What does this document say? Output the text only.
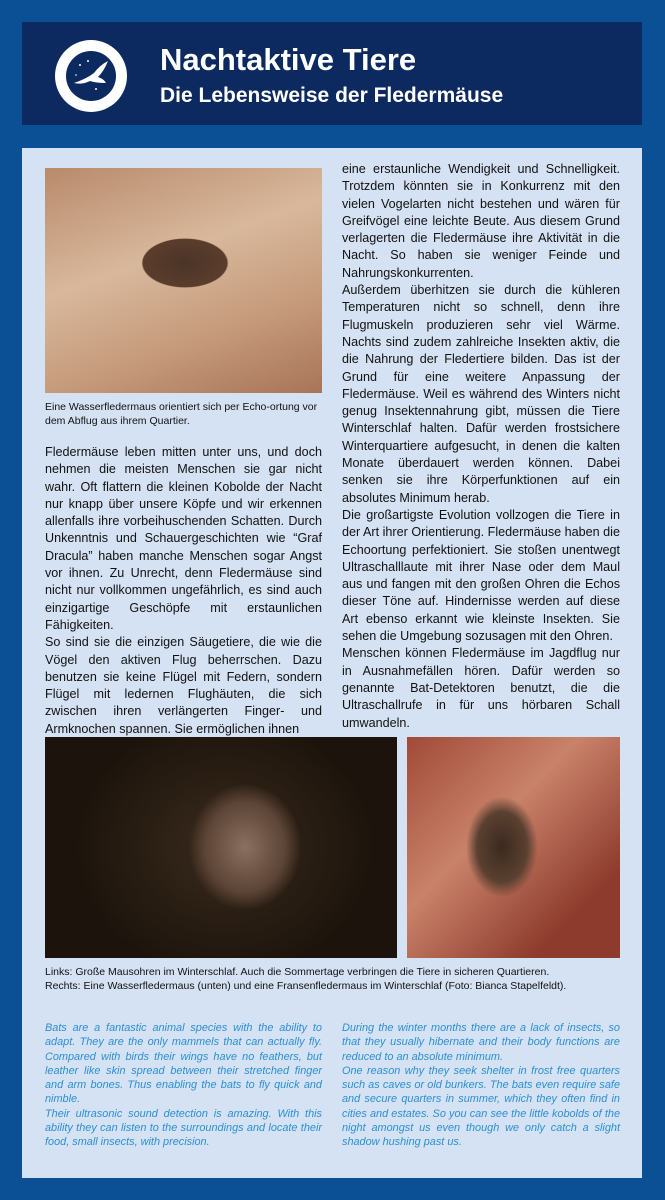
Nachtaktive Tiere
Die Lebensweise der Fledermäuse
Eine Wasserfledermaus orientiert sich per Echo-ortung vor dem Abflug aus ihrem Quartier.

Fledermäuse leben mitten unter uns, und doch nehmen die meisten Menschen sie gar nicht wahr. Oft flattern die kleinen Kobolde der Nacht nur knapp über unsere Köpfe und wir erkennen allenfalls ihre vorbeihuschenden Schatten. Durch Unkenntnis und Schauergeschichten wie “Graf Dracula” haben manche Menschen sogar Angst vor ihnen. Zu Unrecht, denn Fledermäuse sind nicht nur vollkommen ungefährlich, es sind auch einzigartige Geschöpfe mit erstaunlichen Fähigkeiten.

So sind sie die einzigen Säugetiere, die wie die Vögel den aktiven Flug beherrschen. Dazu benutzen sie keine Flügel mit Federn, sondern Flügel mit ledernen Flughäuten, die sich zwischen ihren verlängerten Finger- und Armknochen spannen. Sie ermöglichen ihnen

eine erstaunliche Wendigkeit und Schnelligkeit. Trotzdem könnten sie in Konkurrenz mit den vielen Vogelarten nicht bestehen und wären für Greifvögel eine leichte Beute. Aus diesem Grund verlagerten die Fledermäuse ihre Aktivität in die Nacht. So haben sie weniger Feinde und Nahrungskonkurrenten.

Außerdem überhitzen sie durch die kühleren Temperaturen nicht so schnell, denn ihre Flugmuskeln produzieren sehr viel Wärme. Nachts sind zudem zahlreiche Insekten aktiv, die die Nahrung der Fledertiere bilden. Das ist der Grund für eine weitere Anpassung der Fledermäuse. Weil es während des Winters nicht genug Insektennahrung gibt, müssen die Tiere Winterschlaf halten. Dafür werden frostsichere Winterquartiere aufgesucht, in denen die kalten Monate überdauert werden können. Dabei senken sie ihre Körperfunktionen auf ein absolutes Minimum herab.

Die großartigste Evolution vollzogen die Tiere in der Art ihrer Orientierung. Fledermäuse haben die Echoortung perfektioniert. Sie stoßen unentwegt Ultraschalllaute mit ihrer Nase oder dem Maul aus und fangen mit den großen Ohren die Echos dieser Töne auf. Hindernisse werden auf diese Art ebenso erkannt wie kleinste Insekten. Sie sehen die Umgebung sozusagen mit den Ohren.

Menschen können Fledermäuse im Jagdflug nur in Ausnahmefällen hören. Dafür werden so genannte Bat-Detektoren benutzt, die die Ultraschallrufe in für uns hörbaren Schall umwandeln.

Links: Große Mausohren im Winterschlaf. Auch die Sommertage verbringen die Tiere in sicheren Quartieren.
Rechts: Eine Wasserfledermaus (unten) und eine Fransenfledermaus im Winterschlaf (Foto: Bianca Stapelfeldt).

Bats are a fantastic animal species with the ability to adapt. They are the only mammels that can actually fly. Compared with birds their wings have no feathers, but leather like skin spread between their stretched finger and arm bones. Thus enabling the bats to fly quick and nimble.

Their ultrasonic sound detection is amazing. With this ability they can listen to the surroundings and locate their food, small insects, with precision.

During the winter months there are a lack of insects, so that they usually hibernate and their body functions are reduced to an absolute minimum.

One reason why they seek shelter in frost free quarters such as caves or old bunkers. The bats even require safe and secure quarters in summer, which they often find in cities and estates. So you can see the little kobolds of the night amongst us even though we only catch a slight shadow hushing past us.
